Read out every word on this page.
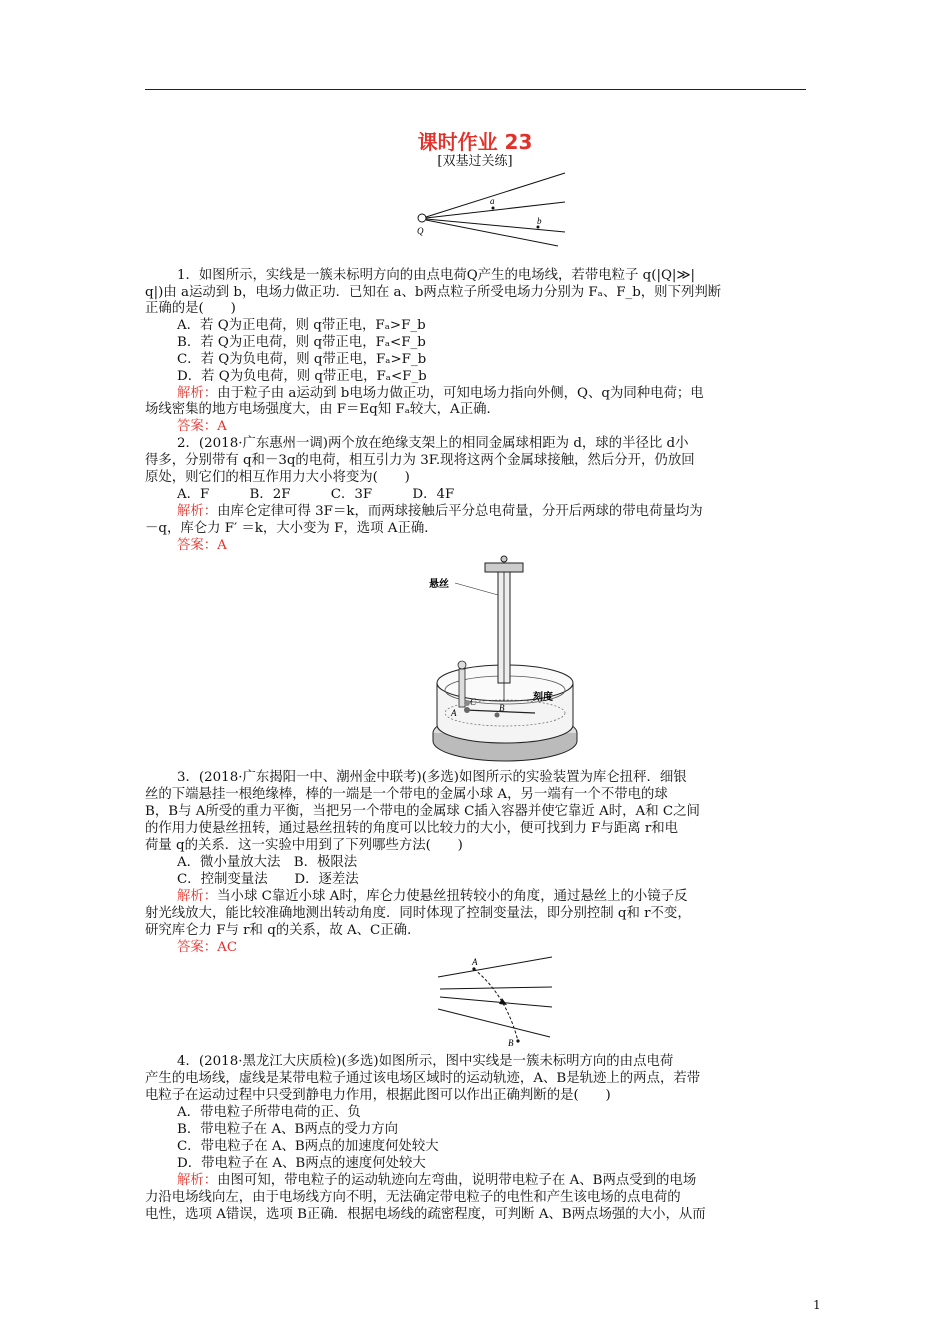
课时作业 23
[双基过关练]
Q
a
b
1．如图所示，实线是一簇未标明方向的由点电荷Q产生的电场线，若带电粒子 q(|Q|≫|
q|)由 a运动到 b，电场力做正功．已知在 a、b两点粒子所受电场力分别为 Fₐ、F_b，则下列判断
正确的是(　　)
A．若 Q为正电荷，则 q带正电，Fₐ>F_b
B．若 Q为正电荷，则 q带正电，Fₐ<F_b
C．若 Q为负电荷，则 q带正电，Fₐ>F_b
D．若 Q为负电荷，则 q带正电，Fₐ<F_b
解析：由于粒子由 a运动到 b电场力做正功，可知电场力指向外侧，Q、q为同种电荷；电
场线密集的地方电场强度大，由 F＝Eq知 Fₐ较大，A正确．
答案：A
2．(2018·广东惠州一调)两个放在绝缘支架上的相同金属球相距为 d，球的半径比 d小
得多，分别带有 q和－3q的电荷，相互引力为 3F.现将这两个金属球接触，然后分开，仍放回
原处，则它们的相互作用力大小将变为(　　)
A．F　　　B．2F　　　C．3F　　　D．4F
解析：由库仑定律可得 3F＝k，而两球接触后平分总电荷量，分开后两球的带电荷量均为
－q，库仑力 F′ ＝k，大小变为 F，选项 A正确．
答案：A
悬丝
刻度
A
C
B
3．(2018·广东揭阳一中、潮州金中联考)(多选)如图所示的实验装置为库仑扭秤．细银
丝的下端悬挂一根绝缘棒，棒的一端是一个带电的金属小球 A，另一端有一个不带电的球
B，B与 A所受的重力平衡，当把另一个带电的金属球 C插入容器并使它靠近 A时，A和 C之间
的作用力使悬丝扭转，通过悬丝扭转的角度可以比较力的大小，便可找到力 F与距离 r和电
荷量 q的关系．这一实验中用到了下列哪些方法(　　)
A．微小量放大法　B．极限法
C．控制变量法　　D．逐差法
解析：当小球 C靠近小球 A时，库仑力使悬丝扭转较小的角度，通过悬丝上的小镜子反
射光线放大，能比较准确地测出转动角度．同时体现了控制变量法，即分别控制 q和 r不变，
研究库仑力 F与 r和 q的关系，故 A、C正确．
答案：AC
A
B
4．(2018·黑龙江大庆质检)(多选)如图所示，图中实线是一簇未标明方向的由点电荷
产生的电场线，虚线是某带电粒子通过该电场区域时的运动轨迹，A、B是轨迹上的两点，若带
电粒子在运动过程中只受到静电力作用，根据此图可以作出正确判断的是(　　)
A．带电粒子所带电荷的正、负
B．带电粒子在 A、B两点的受力方向
C．带电粒子在 A、B两点的加速度何处较大
D．带电粒子在 A、B两点的速度何处较大
解析：由图可知，带电粒子的运动轨迹向左弯曲，说明带电粒子在 A、B两点受到的电场
力沿电场线向左，由于电场线方向不明，无法确定带电粒子的电性和产生该电场的点电荷的
电性，选项 A错误，选项 B正确．根据电场线的疏密程度，可判断 A、B两点场强的大小，从而
1
